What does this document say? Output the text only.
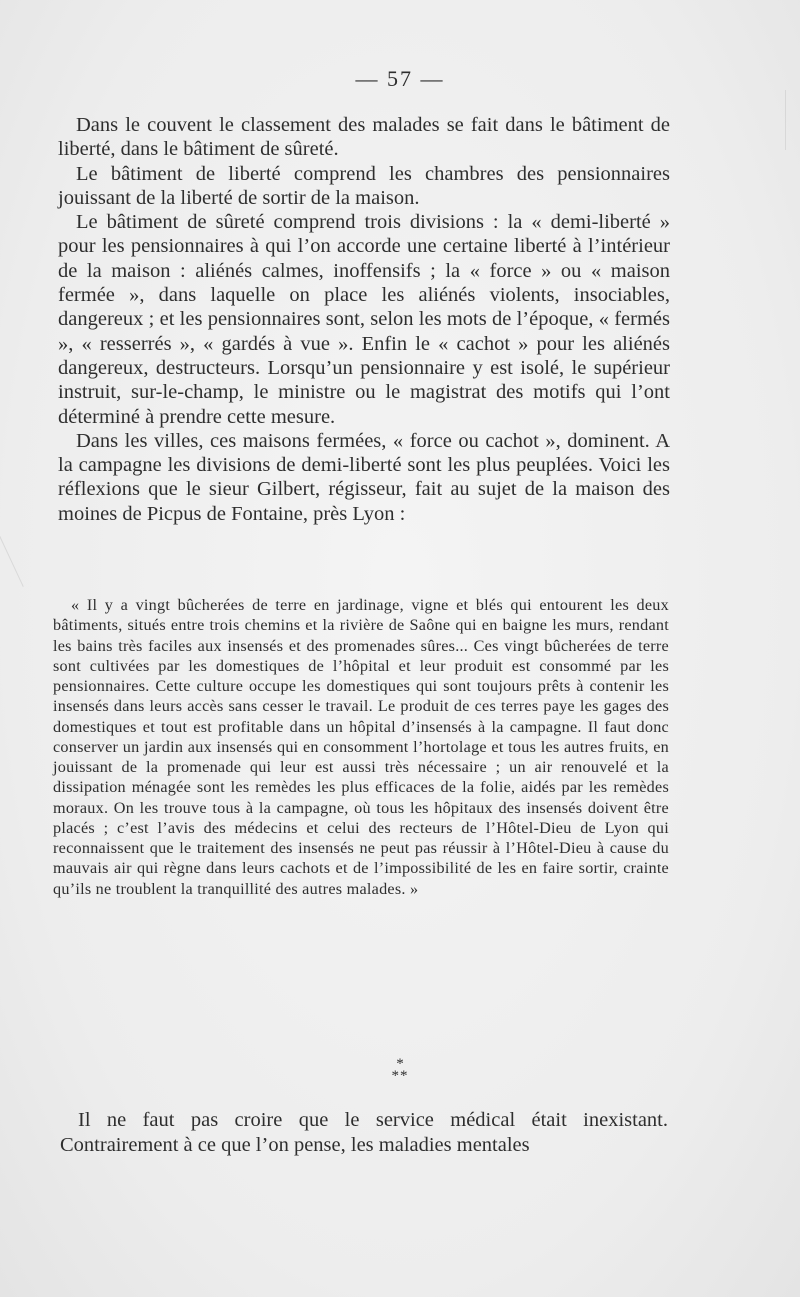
— 57 —

Dans le couvent le classement des malades se fait dans le bâtiment de liberté, dans le bâtiment de sûreté.

Le bâtiment de liberté comprend les chambres des pensionnaires jouissant de la liberté de sortir de la maison.

Le bâtiment de sûreté comprend trois divisions : la « demi-liberté » pour les pensionnaires à qui l’on accorde une certaine liberté à l’intérieur de la maison : aliénés calmes, inoffensifs ; la « force » ou « maison fermée », dans laquelle on place les aliénés violents, insociables, dangereux ; et les pensionnaires sont, selon les mots de l’époque, « fermés », « resserrés », « gardés à vue ». Enfin le « cachot » pour les aliénés dangereux, destructeurs. Lorsqu’un pensionnaire y est isolé, le supérieur instruit, sur-le-champ, le ministre ou le magistrat des motifs qui l’ont déterminé à prendre cette mesure.

Dans les villes, ces maisons fermées, « force ou cachot », dominent. A la campagne les divisions de demi-liberté sont les plus peuplées. Voici les réflexions que le sieur Gilbert, régisseur, fait au sujet de la maison des moines de Picpus de Fontaine, près Lyon :

« Il y a vingt bûcherées de terre en jardinage, vigne et blés qui entourent les deux bâtiments, situés entre trois chemins et la rivière de Saône qui en baigne les murs, rendant les bains très faciles aux insensés et des promenades sûres... Ces vingt bûcherées de terre sont cultivées par les domestiques de l’hôpital et leur produit est consommé par les pensionnaires. Cette culture occupe les domestiques qui sont toujours prêts à contenir les insensés dans leurs accès sans cesser le travail. Le produit de ces terres paye les gages des domestiques et tout est profitable dans un hôpital d’insensés à la campagne. Il faut donc conserver un jardin aux insensés qui en consomment l’hortolage et tous les autres fruits, en jouissant de la promenade qui leur est aussi très nécessaire ; un air renouvelé et la dissipation ménagée sont les remèdes les plus efficaces de la folie, aidés par les remèdes moraux. On les trouve tous à la campagne, où tous les hôpitaux des insensés doivent être placés ; c’est l’avis des médecins et celui des recteurs de l’Hôtel-Dieu de Lyon qui reconnaissent que le traitement des insensés ne peut pas réussir à l’Hôtel-Dieu à cause du mauvais air qui règne dans leurs cachots et de l’impossibilité de les en faire sortir, crainte qu’ils ne troublent la tranquillité des autres malades. »

*
**

Il ne faut pas croire que le service médical était inexistant. Contrairement à ce que l’on pense, les maladies mentales
